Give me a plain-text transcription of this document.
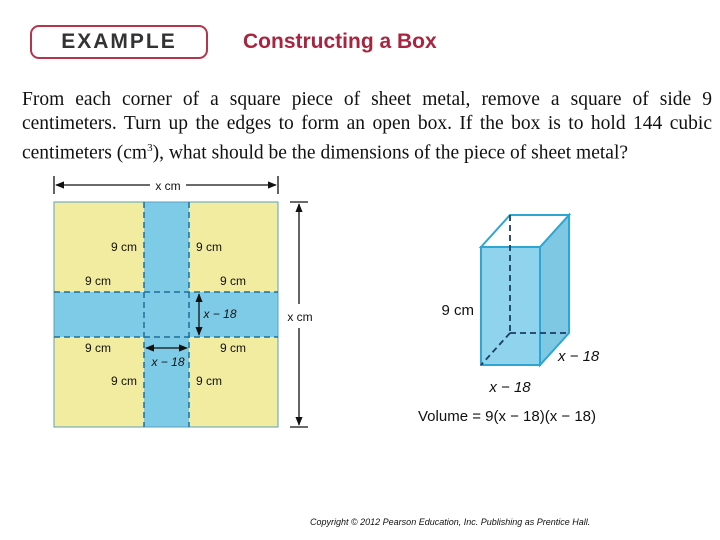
EXAMPLE	Constructing a Box
From each corner of a square piece of sheet metal, remove a square of side 9 centimeters. Turn up the edges to form an open box. If the box is to hold 144 cubic centimeters $(cm^3)$, what should be the dimensions of the piece of sheet metal?
x cm
x cm
9 cm	9 cm
9 cm	9 cm
9 cm	9 cm
9 cm	9 cm
x − 18
x − 18
9 cm
x − 18
x − 18
Volume = 9(x − 18)(x − 18)
Copyright © 2012 Pearson Education, Inc. Publishing as Prentice Hall.
